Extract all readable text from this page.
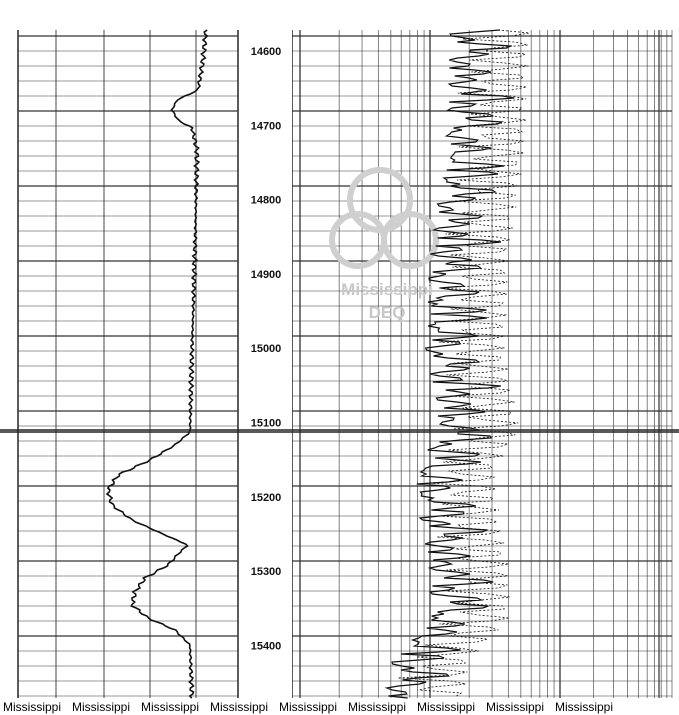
Mississippi
DEQ
14600
14700
14800
14900
15000
15100
15200
15300
15400
Mississippi Mississippi Mississippi Mississippi Mississippi Mississippi Mississippi Mississippi Mississippi
